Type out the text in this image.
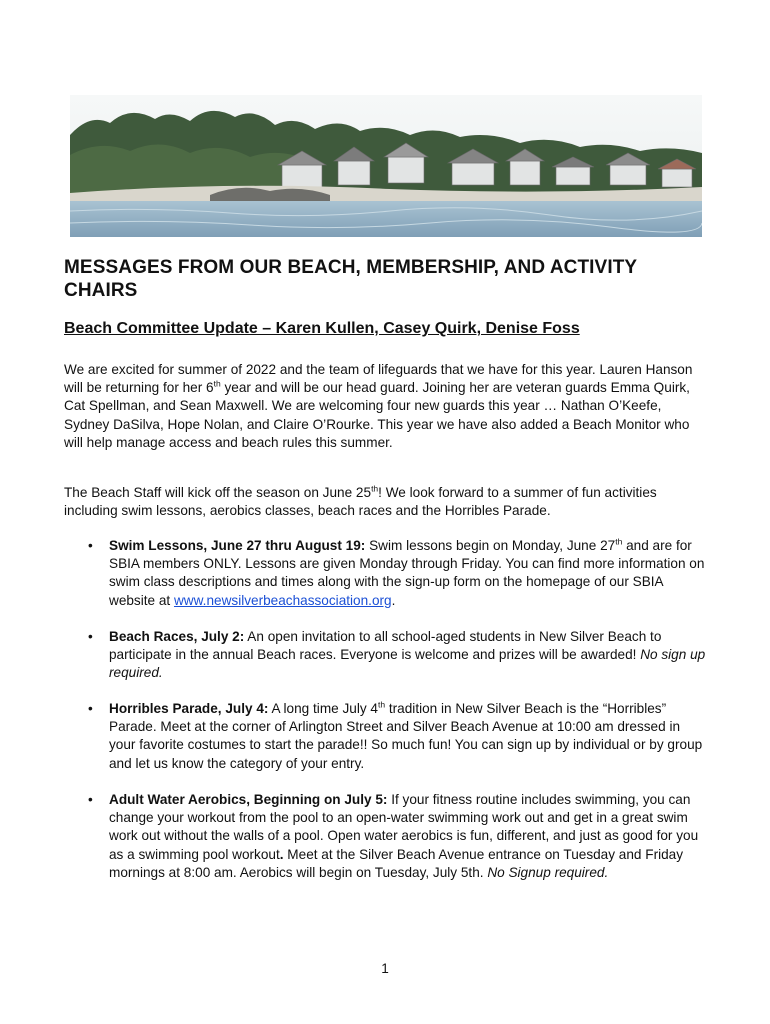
MESSAGES FROM OUR BEACH, MEMBERSHIP, AND ACTIVITY CHAIRS
Beach Committee Update – Karen Kullen, Casey Quirk, Denise Foss
We are excited for summer of 2022 and the team of lifeguards that we have for this year. Lauren Hanson will be returning for her 6th year and will be our head guard. Joining her are veteran guards Emma Quirk, Cat Spellman, and Sean Maxwell. We are welcoming four new guards this year … Nathan O’Keefe, Sydney DaSilva, Hope Nolan, and Claire O’Rourke. This year we have also added a Beach Monitor who will help manage access and beach rules this summer.
The Beach Staff will kick off the season on June 25th! We look forward to a summer of fun activities including swim lessons, aerobics classes, beach races and the Horribles Parade.
• Swim Lessons, June 27 thru August 19: Swim lessons begin on Monday, June 27th and are for SBIA members ONLY. Lessons are given Monday through Friday. You can find more information on swim class descriptions and times along with the sign-up form on the homepage of our SBIA website at www.newsilverbeachassociation.org.
• Beach Races, July 2: An open invitation to all school-aged students in New Silver Beach to participate in the annual Beach races. Everyone is welcome and prizes will be awarded! No sign up required.
• Horribles Parade, July 4: A long time July 4th tradition in New Silver Beach is the “Horribles” Parade. Meet at the corner of Arlington Street and Silver Beach Avenue at 10:00 am dressed in your favorite costumes to start the parade!! So much fun! You can sign up by individual or by group and let us know the category of your entry.
• Adult Water Aerobics, Beginning on July 5: If your fitness routine includes swimming, you can change your workout from the pool to an open-water swimming work out and get in a great swim work out without the walls of a pool. Open water aerobics is fun, different, and just as good for you as a swimming pool workout. Meet at the Silver Beach Avenue entrance on Tuesday and Friday mornings at 8:00 am. Aerobics will begin on Tuesday, July 5th. No Signup required.
1
